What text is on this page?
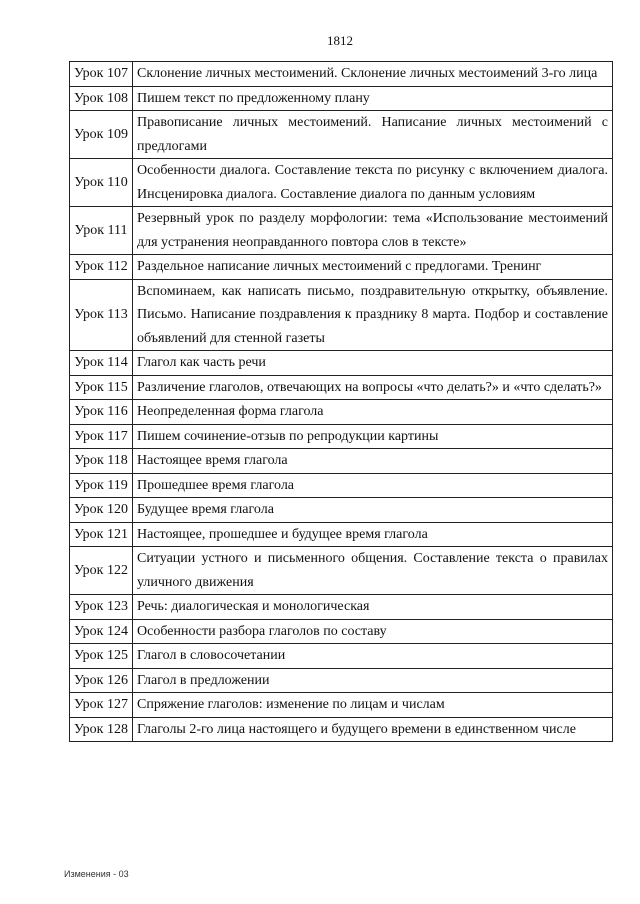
1812
Урок 107	Склонение личных местоимений. Склонение личных местоимений 3-го лица
Урок 108	Пишем текст по предложенному плану
Урок 109	Правописание личных местоимений. Написание личных местоимений с предлогами
Урок 110	Особенности диалога. Составление текста по рисунку с включением диалога. Инсценировка диалога. Составление диалога по данным условиям
Урок 111	Резервный урок по разделу морфологии: тема «Использование местоимений для устранения неоправданного повтора слов в тексте»
Урок 112	Раздельное написание личных местоимений с предлогами. Тренинг
Урок 113	Вспоминаем, как написать письмо, поздравительную открытку, объявление. Письмо. Написание поздравления к празднику 8 марта. Подбор и составление объявлений для стенной газеты
Урок 114	Глагол как часть речи
Урок 115	Различение глаголов, отвечающих на вопросы «что делать?» и «что сделать?»
Урок 116	Неопределенная форма глагола
Урок 117	Пишем сочинение-отзыв по репродукции картины
Урок 118	Настоящее время глагола
Урок 119	Прошедшее время глагола
Урок 120	Будущее время глагола
Урок 121	Настоящее, прошедшее и будущее время глагола
Урок 122	Ситуации устного и письменного общения. Составление текста о правилах уличного движения
Урок 123	Речь: диалогическая и монологическая
Урок 124	Особенности разбора глаголов по составу
Урок 125	Глагол в словосочетании
Урок 126	Глагол в предложении
Урок 127	Спряжение глаголов: изменение по лицам и числам
Урок 128	Глаголы 2-го лица настоящего и будущего времени в единственном числе
Изменения - 03
